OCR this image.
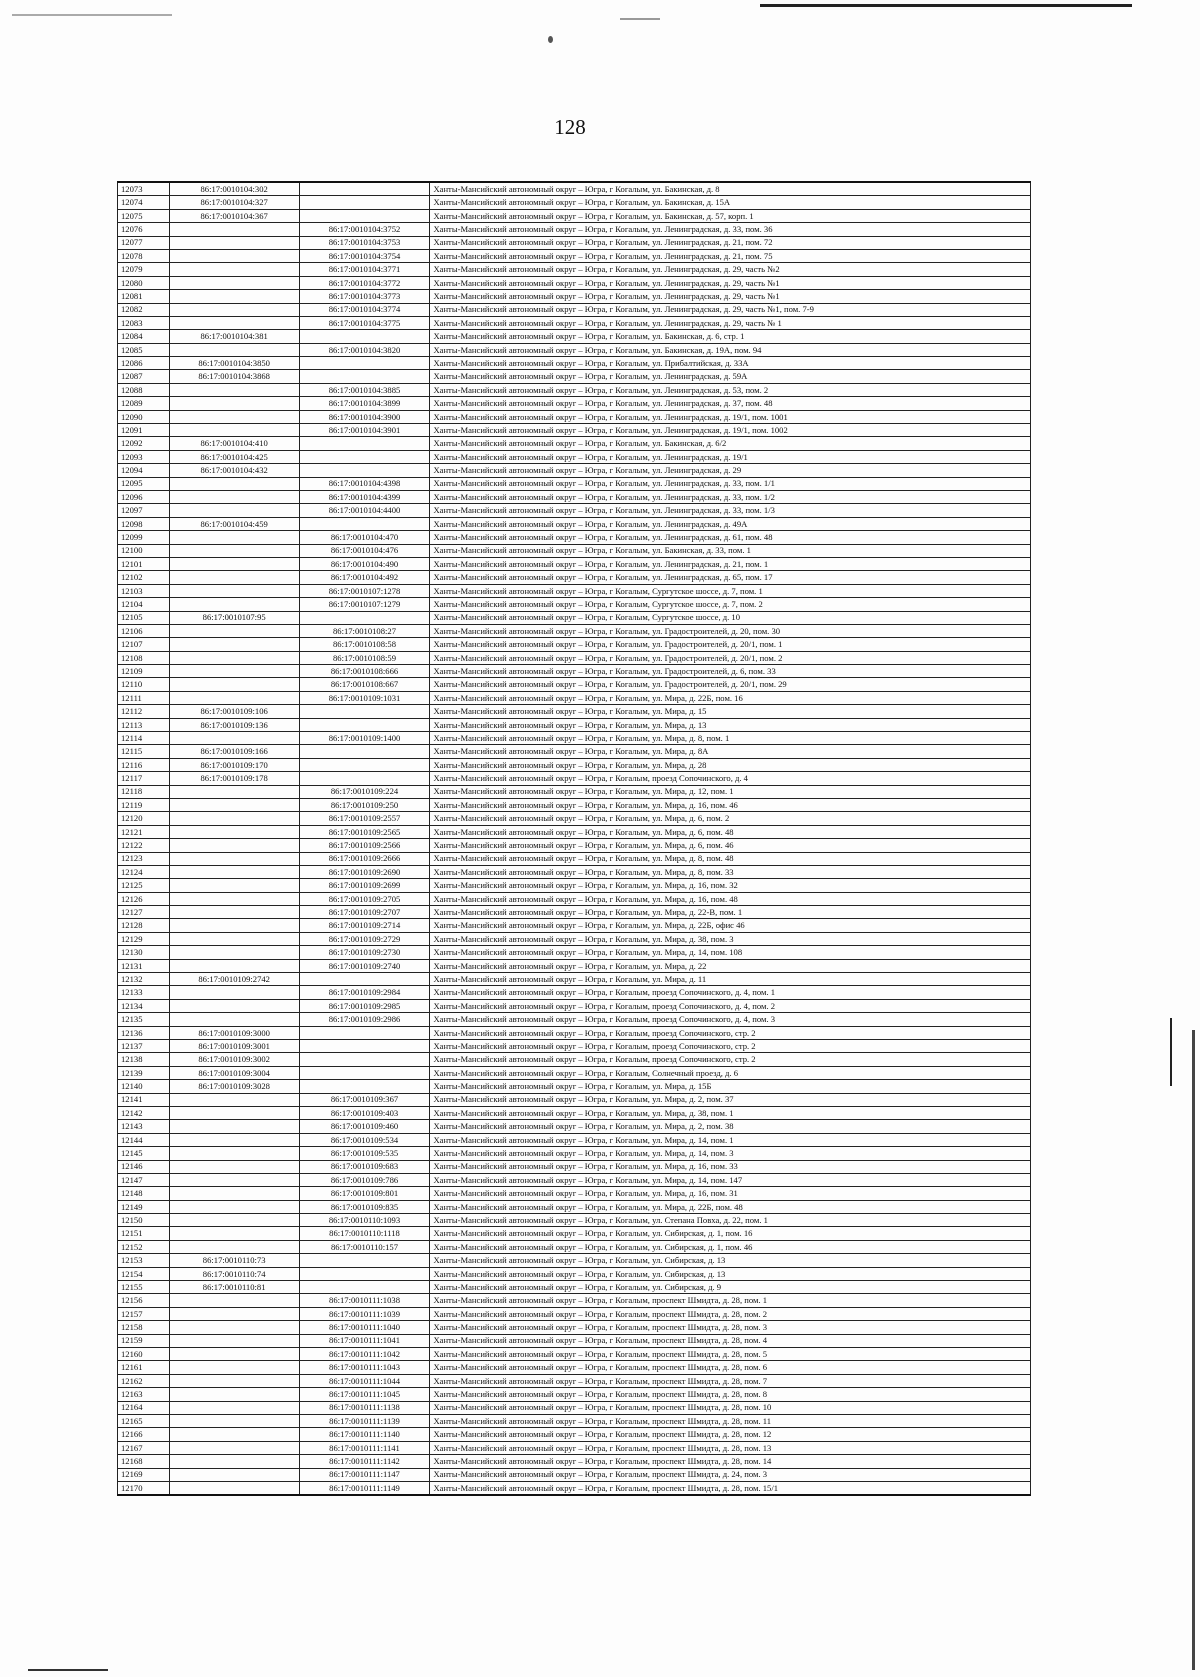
128
12073	86:17:0010104:302		Ханты-Мансийский автономный округ – Югра, г Когалым, ул. Бакинская, д. 8
12074	86:17:0010104:327		Ханты-Мансийский автономный округ – Югра, г Когалым, ул. Бакинская, д. 15А
12075	86:17:0010104:367		Ханты-Мансийский автономный округ – Югра, г Когалым, ул. Бакинская, д. 57, корп. 1
12076		86:17:0010104:3752	Ханты-Мансийский автономный округ – Югра, г Когалым, ул. Ленинградская, д. 33, пом. 36
12077		86:17:0010104:3753	Ханты-Мансийский автономный округ – Югра, г Когалым, ул. Ленинградская, д. 21, пом. 72
12078		86:17:0010104:3754	Ханты-Мансийский автономный округ – Югра, г Когалым, ул. Ленинградская, д. 21, пом. 75
12079		86:17:0010104:3771	Ханты-Мансийский автономный округ – Югра, г Когалым, ул. Ленинградская, д. 29, часть №2
12080		86:17:0010104:3772	Ханты-Мансийский автономный округ – Югра, г Когалым, ул. Ленинградская, д. 29, часть №1
12081		86:17:0010104:3773	Ханты-Мансийский автономный округ – Югра, г Когалым, ул. Ленинградская, д. 29, часть №1
12082		86:17:0010104:3774	Ханты-Мансийский автономный округ – Югра, г Когалым, ул. Ленинградская, д. 29, часть №1, пом. 7-9
12083		86:17:0010104:3775	Ханты-Мансийский автономный округ – Югра, г Когалым, ул. Ленинградская, д. 29, часть № 1
12084	86:17:0010104:381		Ханты-Мансийский автономный округ – Югра, г Когалым, ул. Бакинская, д. 6, стр. 1
12085		86:17:0010104:3820	Ханты-Мансийский автономный округ – Югра, г Когалым, ул. Бакинская, д. 19А, пом. 94
12086	86:17:0010104:3850		Ханты-Мансийский автономный округ – Югра, г Когалым, ул. Прибалтийская, д. 33А
12087	86:17:0010104:3868		Ханты-Мансийский автономный округ – Югра, г Когалым, ул. Ленинградская, д. 59А
12088		86:17:0010104:3885	Ханты-Мансийский автономный округ – Югра, г Когалым, ул. Ленинградская, д. 53, пом. 2
12089		86:17:0010104:3899	Ханты-Мансийский автономный округ – Югра, г Когалым, ул. Ленинградская, д. 37, пом. 48
12090		86:17:0010104:3900	Ханты-Мансийский автономный округ – Югра, г Когалым, ул. Ленинградская, д. 19/1, пом. 1001
12091		86:17:0010104:3901	Ханты-Мансийский автономный округ – Югра, г Когалым, ул. Ленинградская, д. 19/1, пом. 1002
12092	86:17:0010104:410		Ханты-Мансийский автономный округ – Югра, г Когалым, ул. Бакинская, д. 6/2
12093	86:17:0010104:425		Ханты-Мансийский автономный округ – Югра, г Когалым, ул. Ленинградская, д. 19/1
12094	86:17:0010104:432		Ханты-Мансийский автономный округ – Югра, г Когалым, ул. Ленинградская, д. 29
12095		86:17:0010104:4398	Ханты-Мансийский автономный округ – Югра, г Когалым, ул. Ленинградская, д. 33, пом. 1/1
12096		86:17:0010104:4399	Ханты-Мансийский автономный округ – Югра, г Когалым, ул. Ленинградская, д. 33, пом. 1/2
12097		86:17:0010104:4400	Ханты-Мансийский автономный округ – Югра, г Когалым, ул. Ленинградская, д. 33, пом. 1/3
12098	86:17:0010104:459		Ханты-Мансийский автономный округ – Югра, г Когалым, ул. Ленинградская, д. 49А
12099		86:17:0010104:470	Ханты-Мансийский автономный округ – Югра, г Когалым, ул. Ленинградская, д. 61, пом. 48
12100		86:17:0010104:476	Ханты-Мансийский автономный округ – Югра, г Когалым, ул. Бакинская, д. 33, пом. 1
12101		86:17:0010104:490	Ханты-Мансийский автономный округ – Югра, г Когалым, ул. Ленинградская, д. 21, пом. 1
12102		86:17:0010104:492	Ханты-Мансийский автономный округ – Югра, г Когалым, ул. Ленинградская, д. 65, пом. 17
12103		86:17:0010107:1278	Ханты-Мансийский автономный округ – Югра, г Когалым, Сургутское шоссе, д. 7, пом. 1
12104		86:17:0010107:1279	Ханты-Мансийский автономный округ – Югра, г Когалым, Сургутское шоссе, д. 7, пом. 2
12105	86:17:0010107:95		Ханты-Мансийский автономный округ – Югра, г Когалым, Сургутское шоссе, д. 10
12106		86:17:0010108:27	Ханты-Мансийский автономный округ – Югра, г Когалым, ул. Градостроителей, д. 20, пом. 30
12107		86:17:0010108:58	Ханты-Мансийский автономный округ – Югра, г Когалым, ул. Градостроителей, д. 20/1, пом. 1
12108		86:17:0010108:59	Ханты-Мансийский автономный округ – Югра, г Когалым, ул. Градостроителей, д. 20/1, пом. 2
12109		86:17:0010108:666	Ханты-Мансийский автономный округ – Югра, г Когалым, ул. Градостроителей, д. 6, пом. 33
12110		86:17:0010108:667	Ханты-Мансийский автономный округ – Югра, г Когалым, ул. Градостроителей, д. 20/1, пом. 29
12111		86:17:0010109:1031	Ханты-Мансийский автономный округ – Югра, г Когалым, ул. Мира, д. 22Б, пом. 16
12112	86:17:0010109:106		Ханты-Мансийский автономный округ – Югра, г Когалым, ул. Мира, д. 15
12113	86:17:0010109:136		Ханты-Мансийский автономный округ – Югра, г Когалым, ул. Мира, д. 13
12114		86:17:0010109:1400	Ханты-Мансийский автономный округ – Югра, г Когалым, ул. Мира, д. 8, пом. 1
12115	86:17:0010109:166		Ханты-Мансийский автономный округ – Югра, г Когалым, ул. Мира, д. 8А
12116	86:17:0010109:170		Ханты-Мансийский автономный округ – Югра, г Когалым, ул. Мира, д. 28
12117	86:17:0010109:178		Ханты-Мансийский автономный округ – Югра, г Когалым, проезд Сопочинского, д. 4
12118		86:17:0010109:224	Ханты-Мансийский автономный округ – Югра, г Когалым, ул. Мира, д. 12, пом. 1
12119		86:17:0010109:250	Ханты-Мансийский автономный округ – Югра, г Когалым, ул. Мира, д. 16, пом. 46
12120		86:17:0010109:2557	Ханты-Мансийский автономный округ – Югра, г Когалым, ул. Мира, д. 6, пом. 2
12121		86:17:0010109:2565	Ханты-Мансийский автономный округ – Югра, г Когалым, ул. Мира, д. 6, пом. 48
12122		86:17:0010109:2566	Ханты-Мансийский автономный округ – Югра, г Когалым, ул. Мира, д. 6, пом. 46
12123		86:17:0010109:2666	Ханты-Мансийский автономный округ – Югра, г Когалым, ул. Мира, д. 8, пом. 48
12124		86:17:0010109:2690	Ханты-Мансийский автономный округ – Югра, г Когалым, ул. Мира, д. 8, пом. 33
12125		86:17:0010109:2699	Ханты-Мансийский автономный округ – Югра, г Когалым, ул. Мира, д. 16, пом. 32
12126		86:17:0010109:2705	Ханты-Мансийский автономный округ – Югра, г Когалым, ул. Мира, д. 16, пом. 48
12127		86:17:0010109:2707	Ханты-Мансийский автономный округ – Югра, г Когалым, ул. Мира, д. 22-В, пом. 1
12128		86:17:0010109:2714	Ханты-Мансийский автономный округ – Югра, г Когалым, ул. Мира, д. 22Б, офис 46
12129		86:17:0010109:2729	Ханты-Мансийский автономный округ – Югра, г Когалым, ул. Мира, д. 38, пом. 3
12130		86:17:0010109:2730	Ханты-Мансийский автономный округ – Югра, г Когалым, ул. Мира, д. 14, пом. 108
12131		86:17:0010109:2740	Ханты-Мансийский автономный округ – Югра, г Когалым, ул. Мира, д. 22
12132	86:17:0010109:2742		Ханты-Мансийский автономный округ – Югра, г Когалым, ул. Мира, д. 11
12133		86:17:0010109:2984	Ханты-Мансийский автономный округ – Югра, г Когалым, проезд Сопочинского, д. 4, пом. 1
12134		86:17:0010109:2985	Ханты-Мансийский автономный округ – Югра, г Когалым, проезд Сопочинского, д. 4, пом. 2
12135		86:17:0010109:2986	Ханты-Мансийский автономный округ – Югра, г Когалым, проезд Сопочинского, д. 4, пом. 3
12136	86:17:0010109:3000		Ханты-Мансийский автономный округ – Югра, г Когалым, проезд Сопочинского, стр. 2
12137	86:17:0010109:3001		Ханты-Мансийский автономный округ – Югра, г Когалым, проезд Сопочинского, стр. 2
12138	86:17:0010109:3002		Ханты-Мансийский автономный округ – Югра, г Когалым, проезд Сопочинского, стр. 2
12139	86:17:0010109:3004		Ханты-Мансийский автономный округ – Югра, г Когалым, Солнечный проезд, д. 6
12140	86:17:0010109:3028		Ханты-Мансийский автономный округ – Югра, г Когалым, ул. Мира, д. 15Б
12141		86:17:0010109:367	Ханты-Мансийский автономный округ – Югра, г Когалым, ул. Мира, д. 2, пом. 37
12142		86:17:0010109:403	Ханты-Мансийский автономный округ – Югра, г Когалым, ул. Мира, д. 38, пом. 1
12143		86:17:0010109:460	Ханты-Мансийский автономный округ – Югра, г Когалым, ул. Мира, д. 2, пом. 38
12144		86:17:0010109:534	Ханты-Мансийский автономный округ – Югра, г Когалым, ул. Мира, д. 14, пом. 1
12145		86:17:0010109:535	Ханты-Мансийский автономный округ – Югра, г Когалым, ул. Мира, д. 14, пом. 3
12146		86:17:0010109:683	Ханты-Мансийский автономный округ – Югра, г Когалым, ул. Мира, д. 16, пом. 33
12147		86:17:0010109:786	Ханты-Мансийский автономный округ – Югра, г Когалым, ул. Мира, д. 14, пом. 147
12148		86:17:0010109:801	Ханты-Мансийский автономный округ – Югра, г Когалым, ул. Мира, д. 16, пом. 31
12149		86:17:0010109:835	Ханты-Мансийский автономный округ – Югра, г Когалым, ул. Мира, д. 22Б, пом. 48
12150		86:17:0010110:1093	Ханты-Мансийский автономный округ – Югра, г Когалым, ул. Степана Повха, д. 22, пом. 1
12151		86:17:0010110:1118	Ханты-Мансийский автономный округ – Югра, г Когалым, ул. Сибирская, д. 1, пом. 16
12152		86:17:0010110:157	Ханты-Мансийский автономный округ – Югра, г Когалым, ул. Сибирская, д. 1, пом. 46
12153	86:17:0010110:73		Ханты-Мансийский автономный округ – Югра, г Когалым, ул. Сибирская, д. 13
12154	86:17:0010110:74		Ханты-Мансийский автономный округ – Югра, г Когалым, ул. Сибирская, д. 13
12155	86:17:0010110:81		Ханты-Мансийский автономный округ – Югра, г Когалым, ул. Сибирская, д. 9
12156		86:17:0010111:1038	Ханты-Мансийский автономный округ – Югра, г Когалым, проспект Шмидта, д. 28, пом. 1
12157		86:17:0010111:1039	Ханты-Мансийский автономный округ – Югра, г Когалым, проспект Шмидта, д. 28, пом. 2
12158		86:17:0010111:1040	Ханты-Мансийский автономный округ – Югра, г Когалым, проспект Шмидта, д. 28, пом. 3
12159		86:17:0010111:1041	Ханты-Мансийский автономный округ – Югра, г Когалым, проспект Шмидта, д. 28, пом. 4
12160		86:17:0010111:1042	Ханты-Мансийский автономный округ – Югра, г Когалым, проспект Шмидта, д. 28, пом. 5
12161		86:17:0010111:1043	Ханты-Мансийский автономный округ – Югра, г Когалым, проспект Шмидта, д. 28, пом. 6
12162		86:17:0010111:1044	Ханты-Мансийский автономный округ – Югра, г Когалым, проспект Шмидта, д. 28, пом. 7
12163		86:17:0010111:1045	Ханты-Мансийский автономный округ – Югра, г Когалым, проспект Шмидта, д. 28, пом. 8
12164		86:17:0010111:1138	Ханты-Мансийский автономный округ – Югра, г Когалым, проспект Шмидта, д. 28, пом. 10
12165		86:17:0010111:1139	Ханты-Мансийский автономный округ – Югра, г Когалым, проспект Шмидта, д. 28, пом. 11
12166		86:17:0010111:1140	Ханты-Мансийский автономный округ – Югра, г Когалым, проспект Шмидта, д. 28, пом. 12
12167		86:17:0010111:1141	Ханты-Мансийский автономный округ – Югра, г Когалым, проспект Шмидта, д. 28, пом. 13
12168		86:17:0010111:1142	Ханты-Мансийский автономный округ – Югра, г Когалым, проспект Шмидта, д. 28, пом. 14
12169		86:17:0010111:1147	Ханты-Мансийский автономный округ – Югра, г Когалым, проспект Шмидта, д. 24, пом. 3
12170		86:17:0010111:1149	Ханты-Мансийский автономный округ – Югра, г Когалым, проспект Шмидта, д. 28, пом. 15/1
